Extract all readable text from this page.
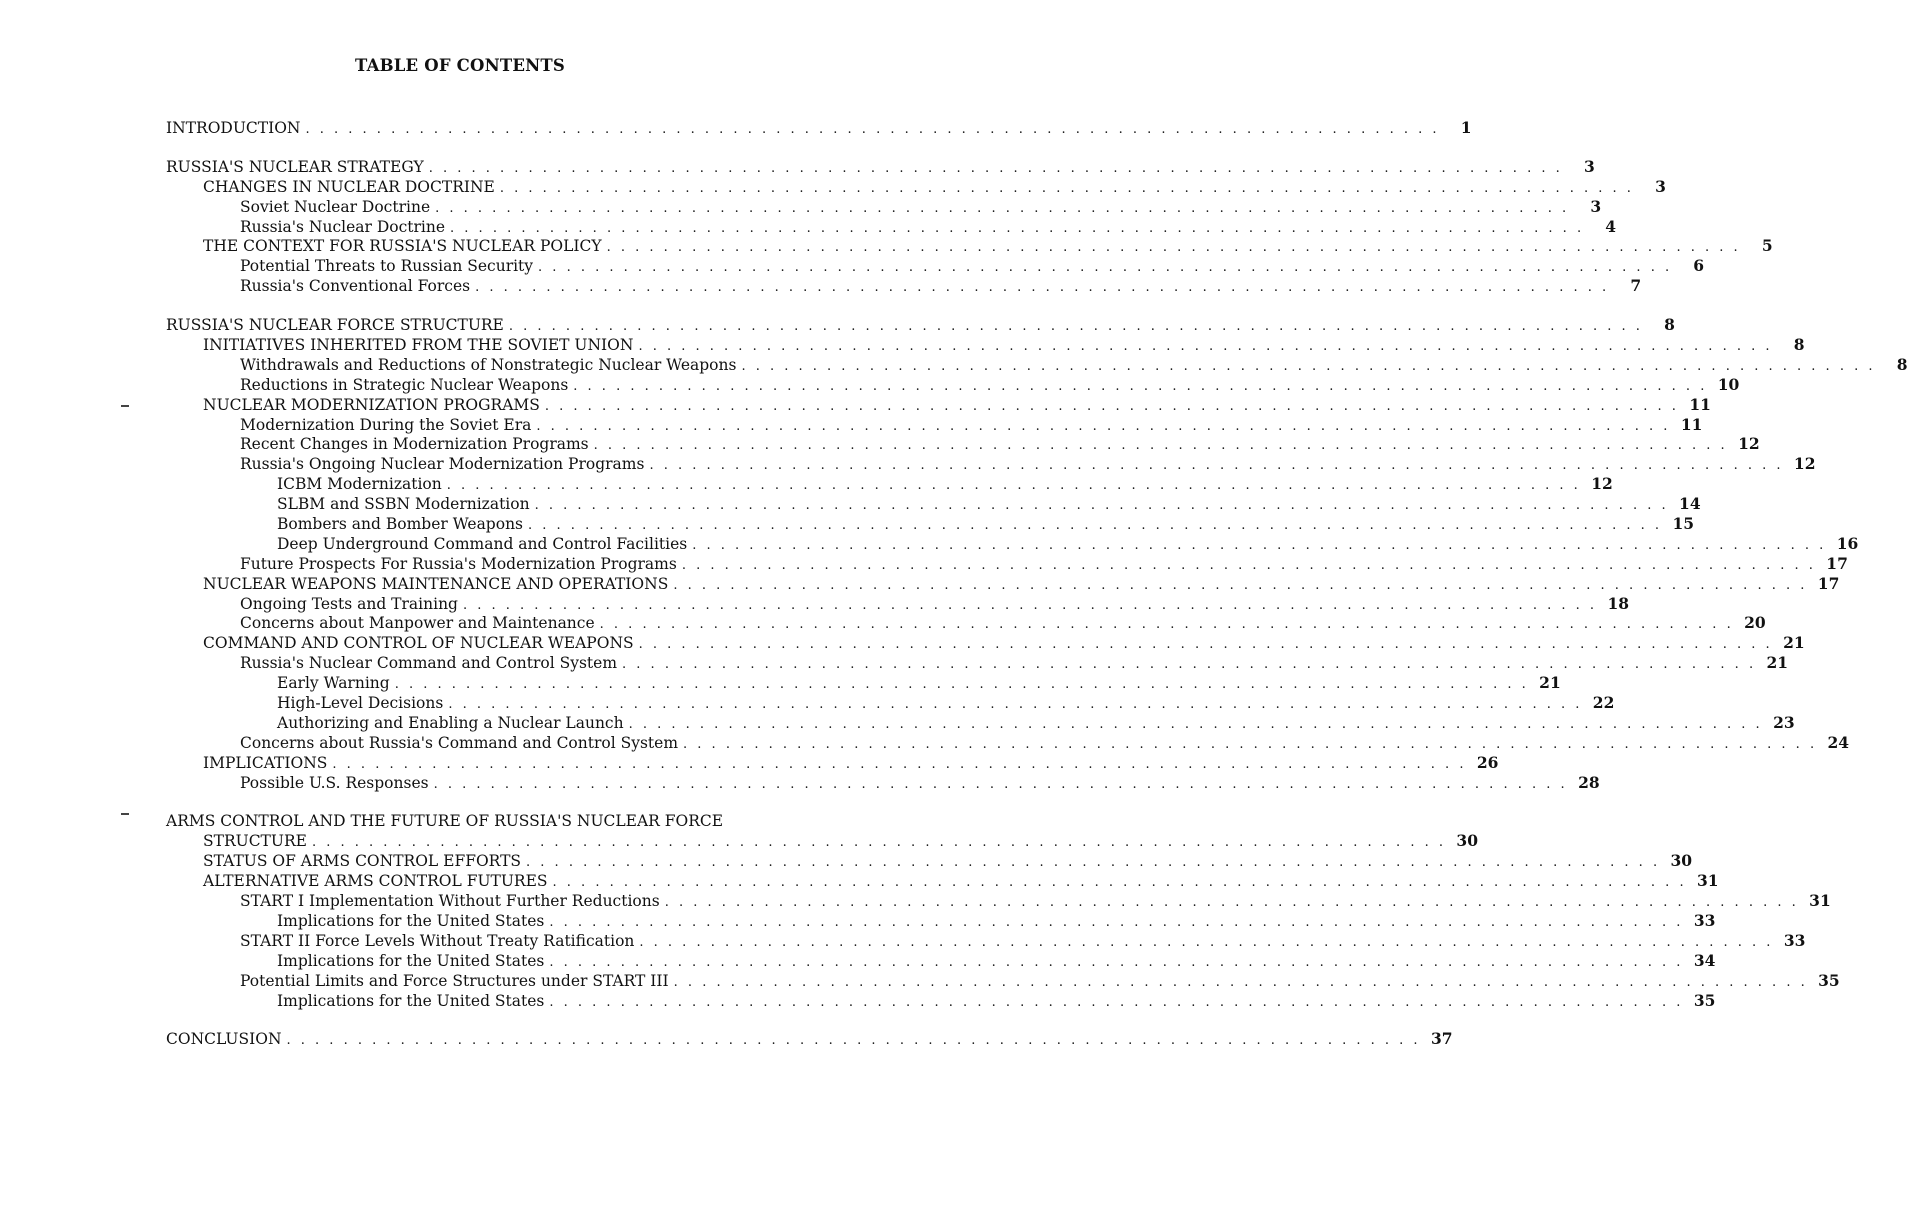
TABLE OF CONTENTS
INTRODUCTION . . . . . . . . . . . . . . . . . . . . . . . . . . . . . . . . . . . . . . . . . . . . . . . . . . . . . . . . . . . . . . . . . . . . . . . . . . . . . . . .	1
RUSSIA'S NUCLEAR STRATEGY . . . . . . . . . . . . . . . . . . . . . . . . . . . . . . . . . . . . . . . . . . . . . . . . . . . . . . . . . . . . . . . . . . . . . . . . . . . . . . . .	3
CHANGES IN NUCLEAR DOCTRINE . . . . . . . . . . . . . . . . . . . . . . . . . . . . . . . . . . . . . . . . . . . . . . . . . . . . . . . . . . . . . . . . . . . . . . . . . . . . . . . .	3
Soviet Nuclear Doctrine . . . . . . . . . . . . . . . . . . . . . . . . . . . . . . . . . . . . . . . . . . . . . . . . . . . . . . . . . . . . . . . . . . . . . . . . . . . . . . . .	3
Russia's Nuclear Doctrine . . . . . . . . . . . . . . . . . . . . . . . . . . . . . . . . . . . . . . . . . . . . . . . . . . . . . . . . . . . . . . . . . . . . . . . . . . . . . . . .	4
THE CONTEXT FOR RUSSIA'S NUCLEAR POLICY . . . . . . . . . . . . . . . . . . . . . . . . . . . . . . . . . . . . . . . . . . . . . . . . . . . . . . . . . . . . . . . . . . . . . . . . . . . . . . . .	5
Potential Threats to Russian Security . . . . . . . . . . . . . . . . . . . . . . . . . . . . . . . . . . . . . . . . . . . . . . . . . . . . . . . . . . . . . . . . . . . . . . . . . . . . . . . .	6
Russia's Conventional Forces . . . . . . . . . . . . . . . . . . . . . . . . . . . . . . . . . . . . . . . . . . . . . . . . . . . . . . . . . . . . . . . . . . . . . . . . . . . . . . . .	7
RUSSIA'S NUCLEAR FORCE STRUCTURE . . . . . . . . . . . . . . . . . . . . . . . . . . . . . . . . . . . . . . . . . . . . . . . . . . . . . . . . . . . . . . . . . . . . . . . . . . . . . . . .	8
INITIATIVES INHERITED FROM THE SOVIET UNION . . . . . . . . . . . . . . . . . . . . . . . . . . . . . . . . . . . . . . . . . . . . . . . . . . . . . . . . . . . . . . . . . . . . . . . . . . . . . . . .	8
Withdrawals and Reductions of Nonstrategic Nuclear Weapons . . . . . . . . . . . . . . . . . . . . . . . . . . . . . . . . . . . . . . . . . . . . . . . . . . . . . . . . . . . . . . . . . . . . . . . . . . . . . . . .	8
Reductions in Strategic Nuclear Weapons . . . . . . . . . . . . . . . . . . . . . . . . . . . . . . . . . . . . . . . . . . . . . . . . . . . . . . . . . . . . . . . . . . . . . . . . . . . . . . . . 10
NUCLEAR MODERNIZATION PROGRAMS . . . . . . . . . . . . . . . . . . . . . . . . . . . . . . . . . . . . . . . . . . . . . . . . . . . . . . . . . . . . . . . . . . . . . . . . . . . . . . . . 11
Modernization During the Soviet Era . . . . . . . . . . . . . . . . . . . . . . . . . . . . . . . . . . . . . . . . . . . . . . . . . . . . . . . . . . . . . . . . . . . . . . . . . . . . . . . . 11
Recent Changes in Modernization Programs . . . . . . . . . . . . . . . . . . . . . . . . . . . . . . . . . . . . . . . . . . . . . . . . . . . . . . . . . . . . . . . . . . . . . . . . . . . . . . . . 12
Russia's Ongoing Nuclear Modernization Programs . . . . . . . . . . . . . . . . . . . . . . . . . . . . . . . . . . . . . . . . . . . . . . . . . . . . . . . . . . . . . . . . . . . . . . . . . . . . . . . . 12
ICBM Modernization . . . . . . . . . . . . . . . . . . . . . . . . . . . . . . . . . . . . . . . . . . . . . . . . . . . . . . . . . . . . . . . . . . . . . . . . . . . . . . . . 12
SLBM and SSBN Modernization . . . . . . . . . . . . . . . . . . . . . . . . . . . . . . . . . . . . . . . . . . . . . . . . . . . . . . . . . . . . . . . . . . . . . . . . . . . . . . . . 14
Bombers and Bomber Weapons . . . . . . . . . . . . . . . . . . . . . . . . . . . . . . . . . . . . . . . . . . . . . . . . . . . . . . . . . . . . . . . . . . . . . . . . . . . . . . . . 15
Deep Underground Command and Control Facilities . . . . . . . . . . . . . . . . . . . . . . . . . . . . . . . . . . . . . . . . . . . . . . . . . . . . . . . . . . . . . . . . . . . . . . . . . . . . . . . . 16
Future Prospects For Russia's Modernization Programs . . . . . . . . . . . . . . . . . . . . . . . . . . . . . . . . . . . . . . . . . . . . . . . . . . . . . . . . . . . . . . . . . . . . . . . . . . . . . . . . 17
NUCLEAR WEAPONS MAINTENANCE AND OPERATIONS . . . . . . . . . . . . . . . . . . . . . . . . . . . . . . . . . . . . . . . . . . . . . . . . . . . . . . . . . . . . . . . . . . . . . . . . . . . . . . . . 17
Ongoing Tests and Training . . . . . . . . . . . . . . . . . . . . . . . . . . . . . . . . . . . . . . . . . . . . . . . . . . . . . . . . . . . . . . . . . . . . . . . . . . . . . . . . 18
Concerns about Manpower and Maintenance . . . . . . . . . . . . . . . . . . . . . . . . . . . . . . . . . . . . . . . . . . . . . . . . . . . . . . . . . . . . . . . . . . . . . . . . . . . . . . . . 20
COMMAND AND CONTROL OF NUCLEAR WEAPONS . . . . . . . . . . . . . . . . . . . . . . . . . . . . . . . . . . . . . . . . . . . . . . . . . . . . . . . . . . . . . . . . . . . . . . . . . . . . . . . . 21
Russia's Nuclear Command and Control System . . . . . . . . . . . . . . . . . . . . . . . . . . . . . . . . . . . . . . . . . . . . . . . . . . . . . . . . . . . . . . . . . . . . . . . . . . . . . . . . 21
Early Warning . . . . . . . . . . . . . . . . . . . . . . . . . . . . . . . . . . . . . . . . . . . . . . . . . . . . . . . . . . . . . . . . . . . . . . . . . . . . . . . . 21
High-Level Decisions . . . . . . . . . . . . . . . . . . . . . . . . . . . . . . . . . . . . . . . . . . . . . . . . . . . . . . . . . . . . . . . . . . . . . . . . . . . . . . . . 22
Authorizing and Enabling a Nuclear Launch . . . . . . . . . . . . . . . . . . . . . . . . . . . . . . . . . . . . . . . . . . . . . . . . . . . . . . . . . . . . . . . . . . . . . . . . . . . . . . . . 23
Concerns about Russia's Command and Control System . . . . . . . . . . . . . . . . . . . . . . . . . . . . . . . . . . . . . . . . . . . . . . . . . . . . . . . . . . . . . . . . . . . . . . . . . . . . . . . . 24
IMPLICATIONS . . . . . . . . . . . . . . . . . . . . . . . . . . . . . . . . . . . . . . . . . . . . . . . . . . . . . . . . . . . . . . . . . . . . . . . . . . . . . . . . 26
Possible U.S. Responses . . . . . . . . . . . . . . . . . . . . . . . . . . . . . . . . . . . . . . . . . . . . . . . . . . . . . . . . . . . . . . . . . . . . . . . . . . . . . . . . 28
ARMS CONTROL AND THE FUTURE OF RUSSIA'S NUCLEAR FORCE
STRUCTURE . . . . . . . . . . . . . . . . . . . . . . . . . . . . . . . . . . . . . . . . . . . . . . . . . . . . . . . . . . . . . . . . . . . . . . . . . . . . . . . . 30
STATUS OF ARMS CONTROL EFFORTS . . . . . . . . . . . . . . . . . . . . . . . . . . . . . . . . . . . . . . . . . . . . . . . . . . . . . . . . . . . . . . . . . . . . . . . . . . . . . . . . 30
ALTERNATIVE ARMS CONTROL FUTURES . . . . . . . . . . . . . . . . . . . . . . . . . . . . . . . . . . . . . . . . . . . . . . . . . . . . . . . . . . . . . . . . . . . . . . . . . . . . . . . . 31
START I Implementation Without Further Reductions . . . . . . . . . . . . . . . . . . . . . . . . . . . . . . . . . . . . . . . . . . . . . . . . . . . . . . . . . . . . . . . . . . . . . . . . . . . . . . . . 31
Implications for the United States . . . . . . . . . . . . . . . . . . . . . . . . . . . . . . . . . . . . . . . . . . . . . . . . . . . . . . . . . . . . . . . . . . . . . . . . . . . . . . . . 33
START II Force Levels Without Treaty Ratification . . . . . . . . . . . . . . . . . . . . . . . . . . . . . . . . . . . . . . . . . . . . . . . . . . . . . . . . . . . . . . . . . . . . . . . . . . . . . . . . 33
Implications for the United States . . . . . . . . . . . . . . . . . . . . . . . . . . . . . . . . . . . . . . . . . . . . . . . . . . . . . . . . . . . . . . . . . . . . . . . . . . . . . . . . 34
Potential Limits and Force Structures under START III . . . . . . . . . . . . . . . . . . . . . . . . . . . . . . . . . . . . . . . . . . . . . . . . . . . . . . . . . . . . . . . . . . . . . . . . . . . . . . . . 35
Implications for the United States . . . . . . . . . . . . . . . . . . . . . . . . . . . . . . . . . . . . . . . . . . . . . . . . . . . . . . . . . . . . . . . . . . . . . . . . . . . . . . . . 35
CONCLUSION . . . . . . . . . . . . . . . . . . . . . . . . . . . . . . . . . . . . . . . . . . . . . . . . . . . . . . . . . . . . . . . . . . . . . . . . . . . . . . . . 37
